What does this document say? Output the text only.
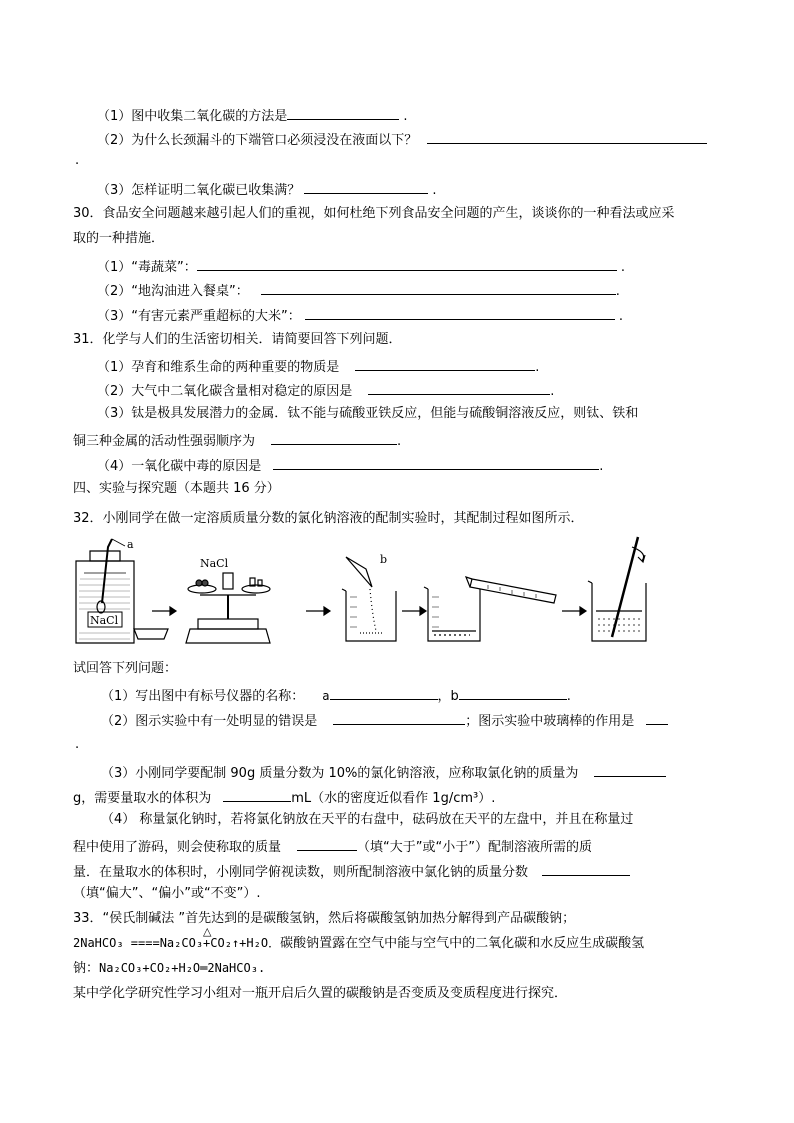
（1）图中收集二氧化碳的方法是	.
（2）为什么长颈漏斗的下端管口必须浸没在液面以下？
.
（3）怎样证明二氧化碳已收集满？	.
30．食品安全问题越来越引起人们的重视，如何杜绝下列食品安全问题的产生，谈谈你的一种看法或应采
取的一种措施．
（1）“毒蔬菜”：	.
（2）“地沟油进入餐桌”：	.
（3）“有害元素严重超标的大米”：	.
31．化学与人们的生活密切相关．请简要回答下列问题．
（1）孕育和维系生命的两种重要的物质是	.
（2）大气中二氧化碳含量相对稳定的原因是	.
（3）钛是极具发展潜力的金属．钛不能与硫酸亚铁反应，但能与硫酸铜溶液反应，则钛、铁和
铜三种金属的活动性强弱顺序为	.
（4）一氧化碳中毒的原因是	.
四、实验与探究题（本题共 16 分）
32．小刚同学在做一定溶质质量分数的氯化钠溶液的配制实验时，其配制过程如图所示．
NaCl
a
NaCl	b
试回答下列问题：
（1）写出图中有标号仪器的名称： a	，b	.
（2）图示实验中有一处明显的错误是	；图示实验中玻璃棒的作用是
.
（3）小刚同学要配制 90g 质量分数为 10%的氯化钠溶液，应称取氯化钠的质量为
g，需要量取水的体积为	mL（水的密度近似看作 1g/cm³）.
（4） 称量氯化钠时，若将氯化钠放在天平的右盘中，砝码放在天平的左盘中，并且在称量过
程中使用了游码，则会使称取的质量	（填“大于”或“小于”）配制溶液所需的质
量．在量取水的体积时，小刚同学俯视读数，则所配制溶液中氯化钠的质量分数
（填“偏大”、“偏小”或“不变”）.
33．“侯氏制碱法 ”首先达到的是碳酸氢钠，然后将碳酸氢钠加热分解得到产品碳酸钠；
△
2NaHCO₃ ====Na₂CO₃+CO₂↑+H₂O．碳酸钠置露在空气中能与空气中的二氧化碳和水反应生成碳酸氢
钠：Na₂CO₃+CO₂+H₂O═2NaHCO₃.
某中学化学研究性学习小组对一瓶开启后久置的碳酸钠是否变质及变质程度进行探究．
